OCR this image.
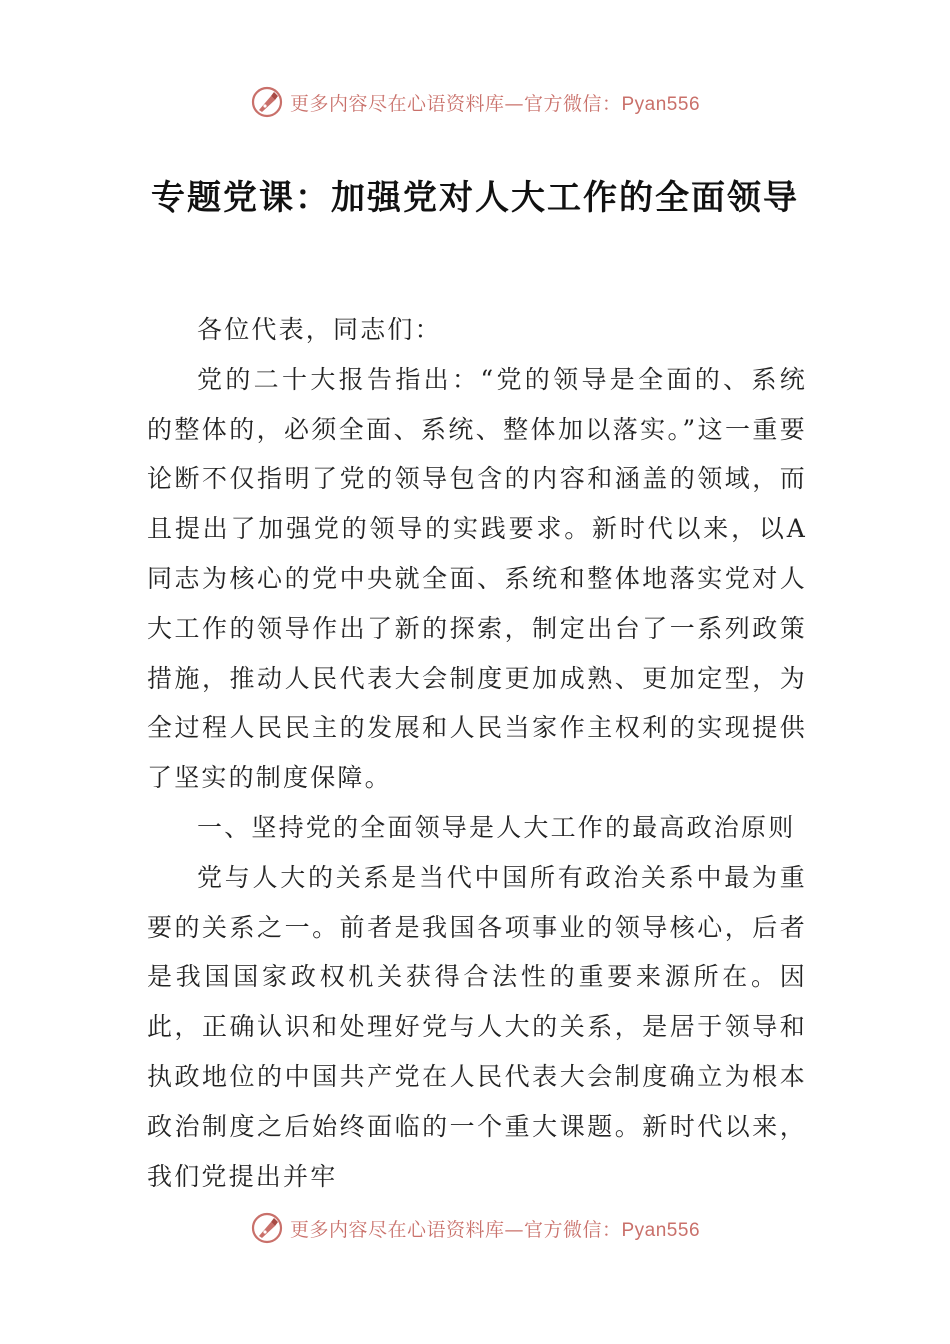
更多内容尽在心语资料库—官方微信：Pyan556
专题党课：加强党对人大工作的全面领导

各位代表，同志们：

党的二十大报告指出：“党的领导是全面的、系统的整体的，必须全面、系统、整体加以落实。”这一重要论断不仅指明了党的领导包含的内容和涵盖的领域，而且提出了加强党的领导的实践要求。新时代以来，以A同志为核心的党中央就全面、系统和整体地落实党对人大工作的领导作出了新的探索，制定出台了一系列政策措施，推动人民代表大会制度更加成熟、更加定型，为全过程人民民主的发展和人民当家作主权利的实现提供了坚实的制度保障。

一、坚持党的全面领导是人大工作的最高政治原则

党与人大的关系是当代中国所有政治关系中最为重要的关系之一。前者是我国各项事业的领导核心，后者是我国国家政权机关获得合法性的重要来源所在。因此，正确认识和处理好党与人大的关系，是居于领导和执政地位的中国共产党在人民代表大会制度确立为根本政治制度之后始终面临的一个重大课题。新时代以来，我们党提出并牢

更多内容尽在心语资料库—官方微信：Pyan556
